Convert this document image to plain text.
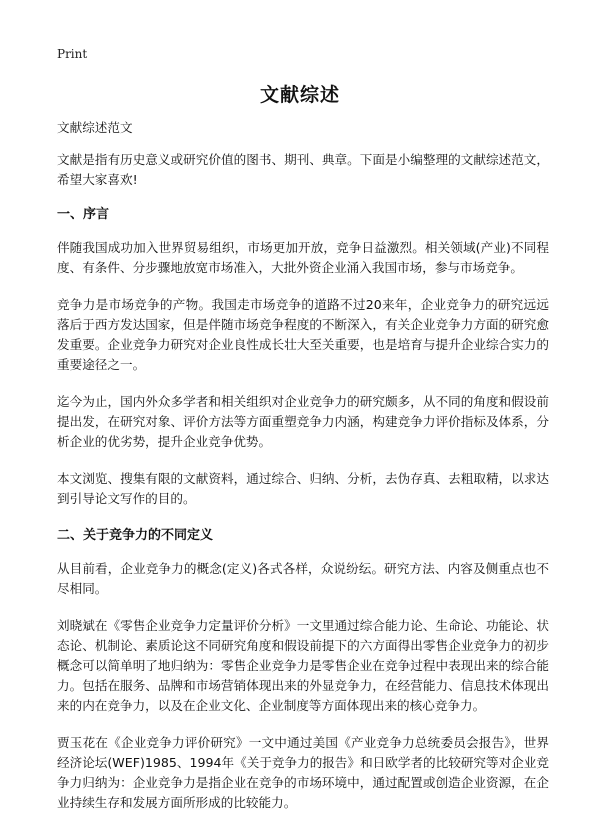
Print
文献综述

文献综述范文

文献是指有历史意义或研究价值的图书、期刊、典章。下面是小编整理的文献综述范文，希望大家喜欢!

一、序言

伴随我国成功加入世界贸易组织，市场更加开放，竞争日益激烈。相关领域(产业)不同程度、有条件、分步骤地放宽市场准入，大批外资企业涌入我国市场，参与市场竞争。

竞争力是市场竞争的产物。我国走市场竞争的道路不过20来年，企业竞争力的研究远远落后于西方发达国家，但是伴随市场竞争程度的不断深入，有关企业竞争力方面的研究愈发重要。企业竞争力研究对企业良性成长壮大至关重要，也是培育与提升企业综合实力的重要途径之一。

迄今为止，国内外众多学者和相关组织对企业竞争力的研究颇多，从不同的角度和假设前提出发，在研究对象、评价方法等方面重塑竞争力内涵，构建竞争力评价指标及体系，分析企业的优劣势，提升企业竞争优势。

本文浏览、搜集有限的文献资料，通过综合、归纳、分析，去伪存真、去粗取精，以求达到引导论文写作的目的。

二、关于竞争力的不同定义

从目前看，企业竞争力的概念(定义)各式各样，众说纷纭。研究方法、内容及侧重点也不尽相同。

刘晓斌在《零售企业竞争力定量评价分析》一文里通过综合能力论、生命论、功能论、状态论、机制论、素质论这不同研究角度和假设前提下的六方面得出零售企业竞争力的初步概念可以简单明了地归纳为：零售企业竞争力是零售企业在竞争过程中表现出来的综合能力。包括在服务、品牌和市场营销体现出来的外显竞争力，在经营能力、信息技术体现出来的内在竞争力，以及在企业文化、企业制度等方面体现出来的核心竞争力。

贾玉花在《企业竞争力评价研究》一文中通过美国《产业竞争力总统委员会报告》，世界经济论坛(WEF)1985、1994年《关于竞争力的报告》和日欧学者的比较研究等对企业竞争力归纳为：企业竞争力是指企业在竞争的市场环境中，通过配置或创造企业资源，在企业持续生存和发展方面所形成的比较能力。
